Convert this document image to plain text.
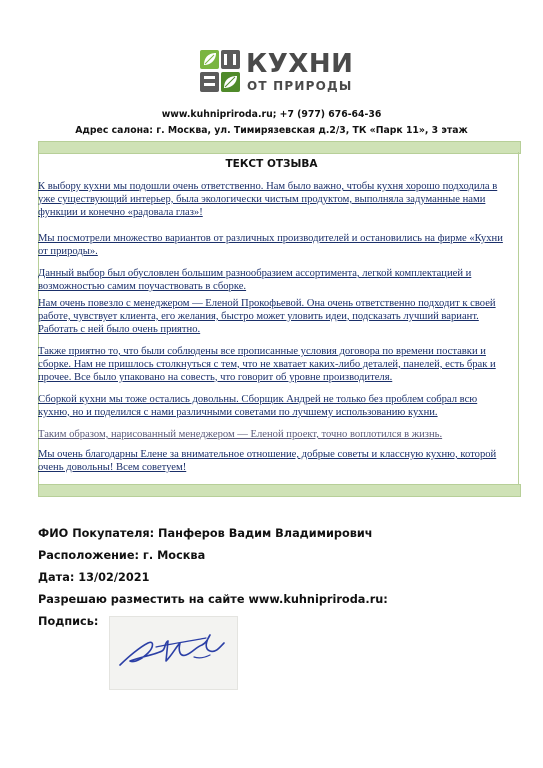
КУХНИ
ОТ ПРИРОДЫ
www.kuhnipriroda.ru; +7 (977) 676-64-36
Адрес салона: г. Москва, ул. Тимирязевская д.2/3, ТК «Парк 11», 3 этаж
ТЕКСТ ОТЗЫВА
К выбору кухни мы подошли очень ответственно. Нам было важно, чтобы кухня хорошо подходила в
уже существующий интерьер, была экологически чистым продуктом, выполняла задуманные нами
функции и конечно «радовала глаз»!
Мы посмотрели множество вариантов от различных производителей и остановились на фирме «Кухни
от природы».
Данный выбор был обусловлен большим разнообразием ассортимента, легкой комплектацией и
возможностью самим поучаствовать в сборке.
Нам очень повезло с менеджером — Еленой Прокофьевой. Она очень ответственно подходит к своей
работе, чувствует клиента, его желания, быстро может уловить идеи, подсказать лучший вариант.
Работать с ней было очень приятно.
Также приятно то, что были соблюдены все прописанные условия договора по времени поставки и
сборке. Нам не пришлось столкнуться с тем, что не хватает каких-либо деталей, панелей, есть брак и
прочее. Все было упаковано на совесть, что говорит об уровне производителя.
Сборкой кухни мы тоже остались довольны. Сборщик Андрей не только без проблем собрал всю
кухню, но и поделился с нами различными советами по лучшему использованию кухни.
Таким образом, нарисованный менеджером — Еленой проект, точно воплотился в жизнь.
Мы очень благодарны Елене за внимательное отношение, добрые советы и классную кухню, которой
очень довольны! Всем советуем!
ФИО Покупателя: Панферов Вадим Владимирович
Расположение: г. Москва
Дата: 13/02/2021
Разрешаю разместить на сайте www.kuhnipriroda.ru:
Подпись:
